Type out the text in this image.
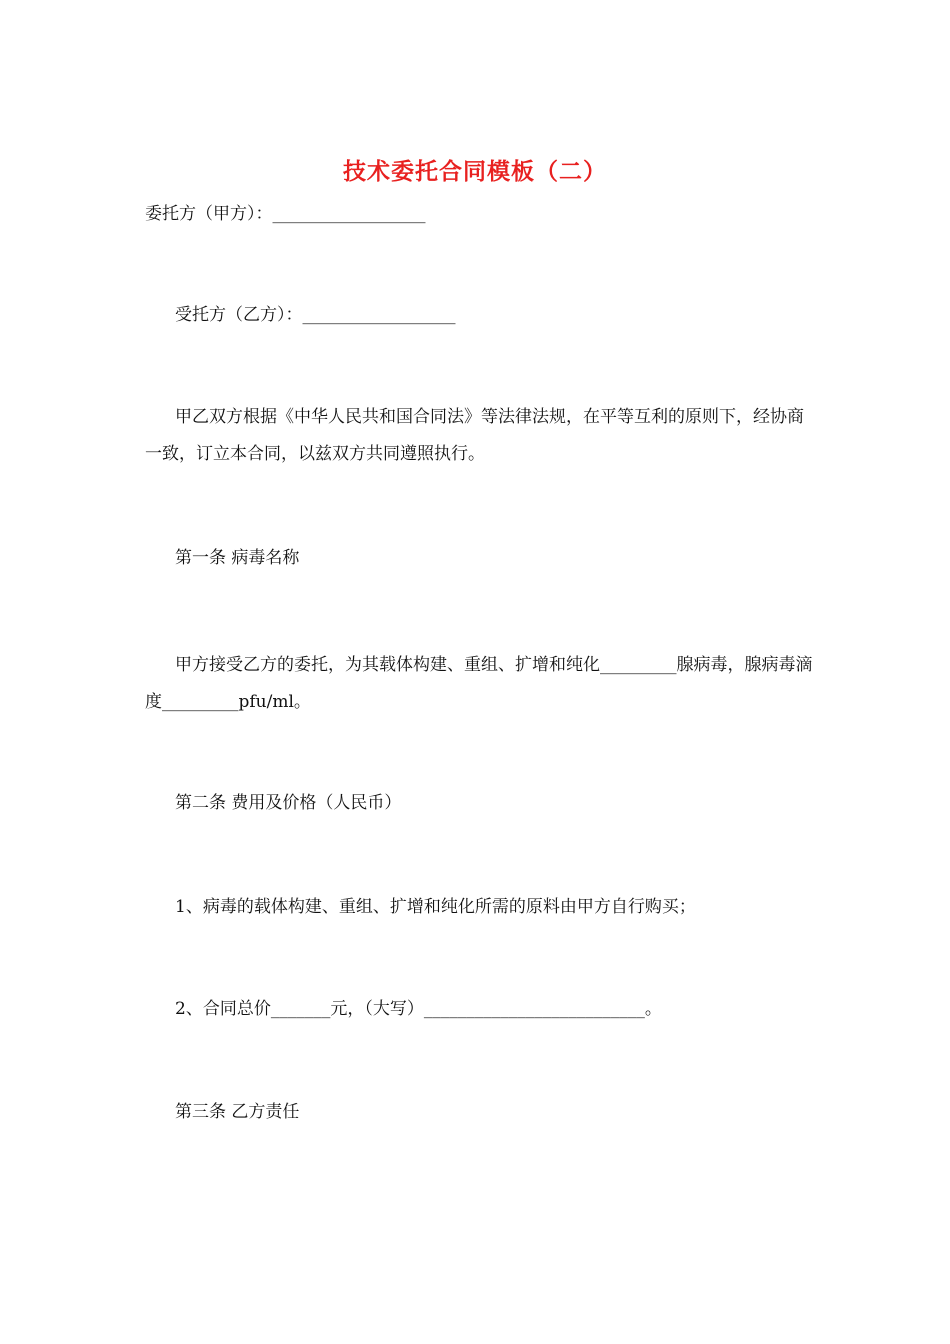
技术委托合同模板（二）
委托方（甲方）：__________________
受托方（乙方）：__________________
甲乙双方根据《中华人民共和国合同法》等法律法规，在平等互利的原则下，经协商一致，订立本合同，以兹双方共同遵照执行。
第一条 病毒名称
甲方接受乙方的委托，为其载体构建、重组、扩增和纯化_________腺病毒，腺病毒滴度_________pfu/ml。
第二条 费用及价格（人民币）
1、病毒的载体构建、重组、扩增和纯化所需的原料由甲方自行购买；
2、合同总价_______元，（大写）__________________________。
第三条 乙方责任
